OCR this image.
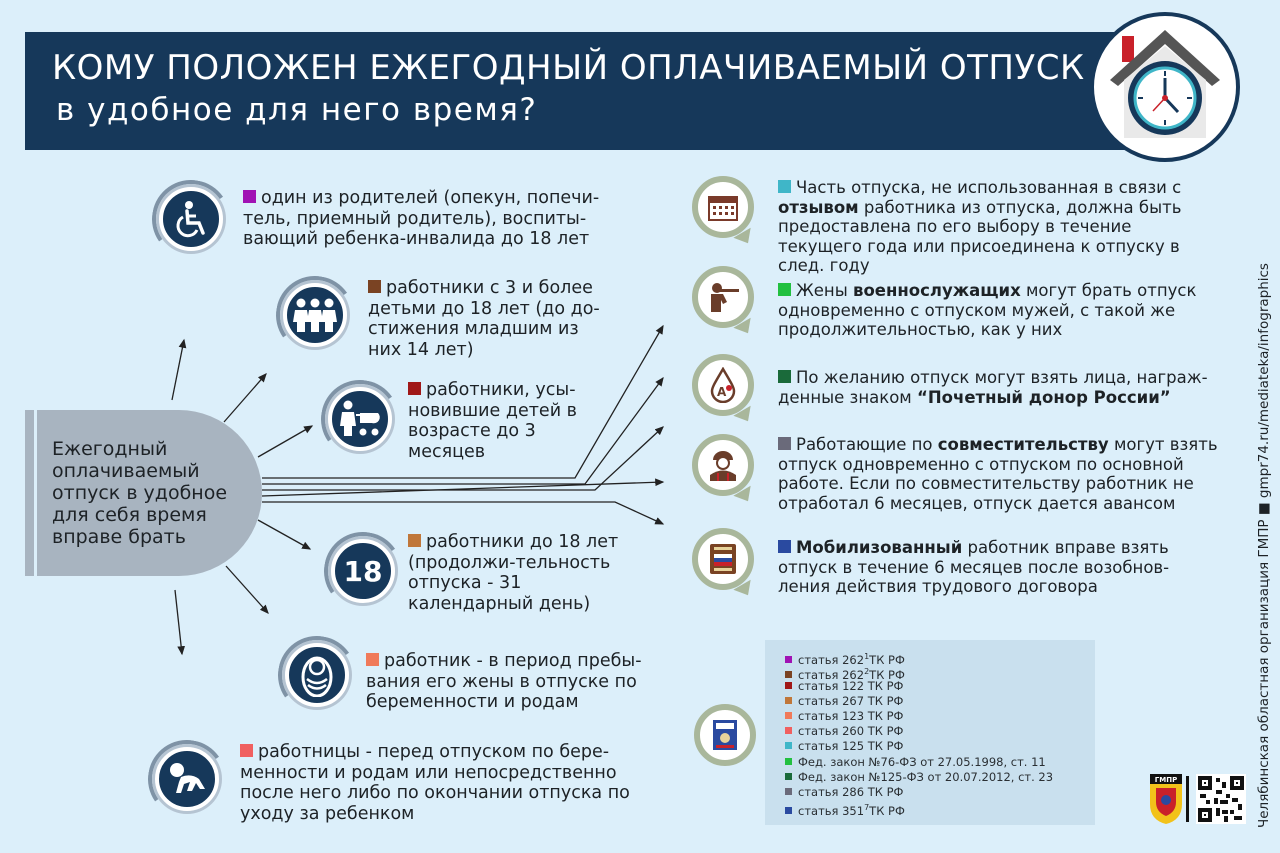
КОМУ ПОЛОЖЕН ЕЖЕГОДНЫЙ ОПЛАЧИВАЕМЫЙ ОТПУСК
в удобное для него время?
Ежегодный оплачиваемый отпуск в удобное для себя время вправе брать
один из родителей (опекун, попечи-тель, приемный родитель), воспиты-вающий ребенка-инвалида до 18 лет
работники с 3 и более детьми до 18 лет (до до-стижения младшим из них 14 лет)
работники, усы-новившие детей в возрасте до 3 месяцев
18
работники до 18 лет (продолжи-тельность отпуска - 31 календарный день)
работник - в период пребы-вания его жены в отпуске по беременности и родам
работницы - перед отпуском по бере-менности и родам или непосредственно после него либо по окончании отпуска по уходу за ребенком
Часть отпуска, не использованная в связи с отзывом работника из отпуска, должна быть предоставлена по его выбору в течение текущего года или присоединена к отпуску в след. году
Жены военнослужащих могут брать отпуск одновременно с отпуском мужей, с такой же продолжительностью, как у них
A
По желанию отпуск могут взять лица, награж-денные знаком “Почетный донор России”
Работающие по совместительству могут взять отпуск одновременно с отпуском по основной работе. Если по совместительству работник не отработал 6 месяцев, отпуск дается авансом
Мобилизованный работник вправе взять отпуск в течение 6 месяцев после возобнов-ления действия трудового договора
статья $262^1ТК$ РФ
статья $262^2ТК$ РФ
статья 122 ТК РФ
статья 267 ТК РФ
статья 123 ТК РФ
статья 260 ТК РФ
статья 125 ТК РФ
Фед. закон №76-ФЗ от 27.05.1998, ст. 11
Фед. закон №125-ФЗ от 20.07.2012, ст. 23
статья 286 ТК РФ
статья $351^7ТК$ РФ
ГМПР	Челябинская областная организация ГМПР ■ gmpr74.ru/mediateka/infographics
